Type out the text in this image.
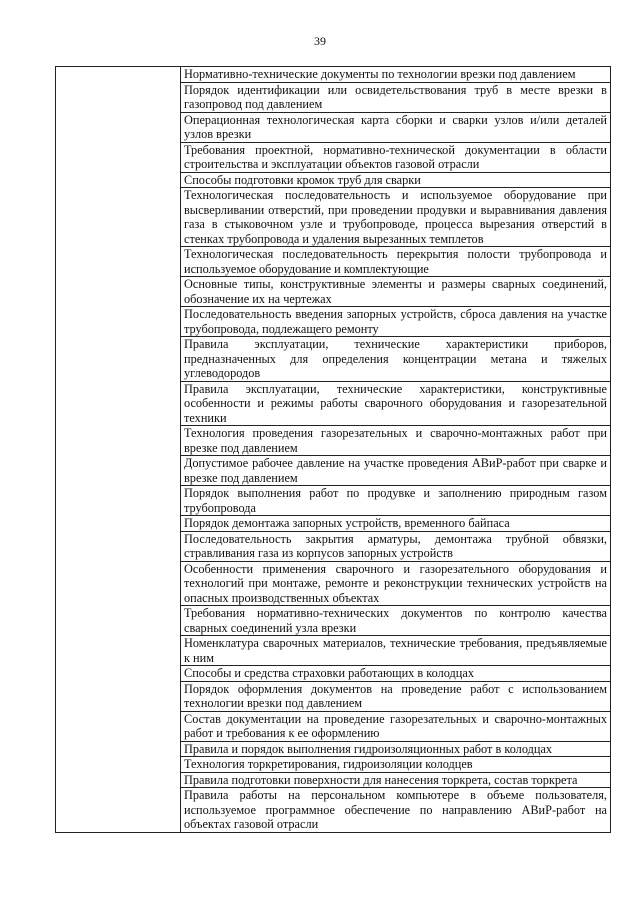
39
	Нормативно-технические документы по технологии врезки под давлением
Порядок идентификации или освидетельствования труб в месте врезки в газопровод под давлением
Операционная технологическая карта сборки и сварки узлов и/или деталей узлов врезки
Требования проектной, нормативно-технической документации в области строительства и эксплуатации объектов газовой отрасли
Способы подготовки кромок труб для сварки
Технологическая последовательность и используемое оборудование при высверливании отверстий, при проведении продувки и выравнивания давления газа в стыковочном узле и трубопроводе, процесса вырезания отверстий в стенках трубопровода и удаления вырезанных темплетов
Технологическая последовательность перекрытия полости трубопровода и используемое оборудование и комплектующие
Основные типы, конструктивные элементы и размеры сварных соединений, обозначение их на чертежах
Последовательность введения запорных устройств, сброса давления на участке трубопровода, подлежащего ремонту
Правила эксплуатации, технические характеристики приборов, предназначенных для определения концентрации метана и тяжелых углеводородов
Правила эксплуатации, технические характеристики, конструктивные особенности и режимы работы сварочного оборудования и газорезательной техники
Технология проведения газорезательных и сварочно-монтажных работ при врезке под давлением
Допустимое рабочее давление на участке проведения АВиР-работ при сварке и врезке под давлением
Порядок выполнения работ по продувке и заполнению природным газом трубопровода
Порядок демонтажа запорных устройств, временного байпаса
Последовательность закрытия арматуры, демонтажа трубной обвязки, стравливания газа из корпусов запорных устройств
Особенности применения сварочного и газорезательного оборудования и технологий при монтаже, ремонте и реконструкции технических устройств на опасных производственных объектах
Требования нормативно-технических документов по контролю качества сварных соединений узла врезки
Номенклатура сварочных материалов, технические требования, предъявляемые к ним
Способы и средства страховки работающих в колодцах
Порядок оформления документов на проведение работ с использованием технологии врезки под давлением
Состав документации на проведение газорезательных и сварочно-монтажных работ и требования к ее оформлению
Правила и порядок выполнения гидроизоляционных работ в колодцах
Технология торкретирования, гидроизоляции колодцев
Правила подготовки поверхности для нанесения торкрета, состав торкрета
Правила работы на персональном компьютере в объеме пользователя, используемое программное обеспечение по направлению АВиР-работ на объектах газовой отрасли
